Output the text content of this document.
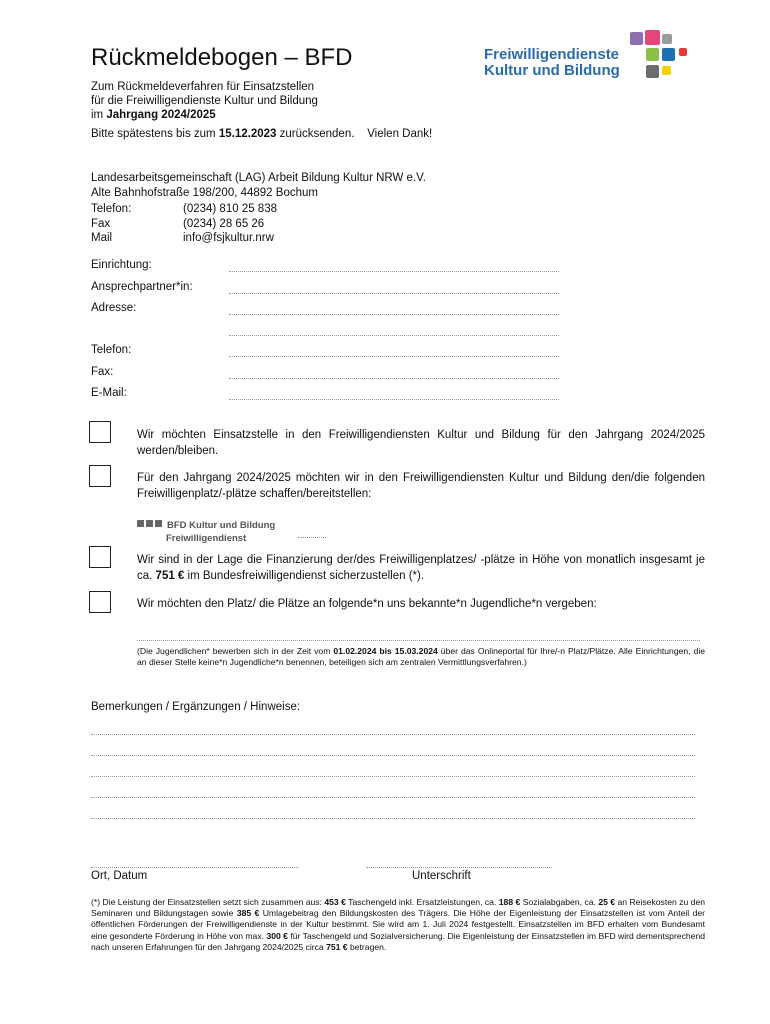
Rückmeldebogen – BFD	Freiwilligendienste
Kultur und Bildung
Zum Rückmeldeverfahren für Einsatzstellen
für die Freiwilligendienste Kultur und Bildung
im Jahrgang 2024/2025
Bitte spätestens bis zum 15.12.2023 zurücksenden.    Vielen Dank!
Landesarbeitsgemeinschaft (LAG) Arbeit Bildung Kultur NRW e.V.
Alte Bahnhofstraße 198/200, 44892 Bochum
Telefon:	(0234) 810 25 838
Fax	(0234) 28 65 26
Mail	info@fsjkultur.nrw
Einrichtung:
Ansprechpartner*in:
Adresse:
Telefon:
Fax:
E-Mail:
Wir möchten Einsatzstelle in den Freiwilligendiensten Kultur und Bildung für den Jahrgang 2024/2025 werden/bleiben.
Für den Jahrgang 2024/2025 möchten wir in den Freiwilligendiensten Kultur und Bildung den/die folgenden Freiwilligenplatz/-plätze schaffen/bereitstellen:
BFD Kultur und Bildung
Freiwilligendienst
Wir sind in der Lage die Finanzierung der/des Freiwilligenplatzes/ -plätze in Höhe von monatlich insgesamt je ca. 751 € im Bundesfreiwilligendienst sicherzustellen (*).
Wir möchten den Platz/ die Plätze an folgende*n uns bekannte*n Jugendliche*n vergeben:
(Die Jugendlichen* bewerben sich in der Zeit vom 01.02.2024 bis 15.03.2024 über das Onlineportal für Ihre/-n Platz/Plätze. Alle Einrichtungen, die an dieser Stelle keine*n Jugendliche*n benennen, beteiligen sich am zentralen Vermittlungsverfahren.)
Bemerkungen / Ergänzungen / Hinweise:
Ort, Datum	Unterschrift
(*) Die Leistung der Einsatzstellen setzt sich zusammen aus: 453 € Taschengeld inkl. Ersatzleistungen, ca. 188 € Sozialabgaben, ca. 25 € an Reisekosten zu den Seminaren und Bildungstagen sowie 385 € Umlagebeitrag den Bildungskosten des Trägers. Die Höhe der Eigenleistung der Einsatzstellen ist vom Anteil der öffentlichen Förderungen der Freiwilligendienste in der Kultur bestimmt. Sie wird am 1. Juli 2024 festgestellt. Einsatzstellen im BFD erhalten vom Bundesamt eine gesonderte Förderung in Höhe von max. 300 € für Taschengeld und Sozialversicherung. Die Eigenleistung der Einsatzstellen im BFD wird dementsprechend nach unseren Erfahrungen für den Jahrgang 2024/2025 circa 751 € betragen.
